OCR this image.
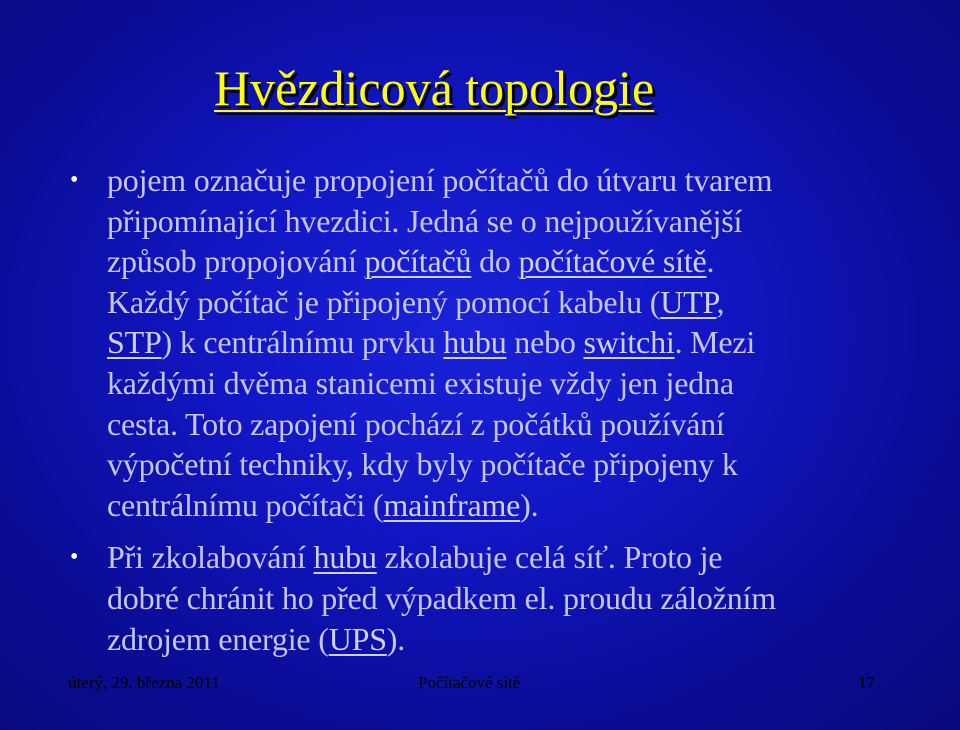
Hvězdicová topologie
• pojem označuje propojení počítačů do útvaru tvarem
připomínající hvezdici. Jedná se o nejpoužívanější
způsob propojování počítačů do počítačové sítě.
Každý počítač je připojený pomocí kabelu (UTP,
STP) k centrálnímu prvku hubu nebo switchi. Mezi
každými dvěma stanicemi existuje vždy jen jedna
cesta. Toto zapojení pochází z počátků používání
výpočetní techniky, kdy byly počítače připojeny k
centrálnímu počítači (mainframe).
• Při zkolabování hubu zkolabuje celá síť. Proto je
dobré chránit ho před výpadkem el. proudu záložním
zdrojem energie (UPS).
úterý, 29. března 2011	Počítačové sítě	17
